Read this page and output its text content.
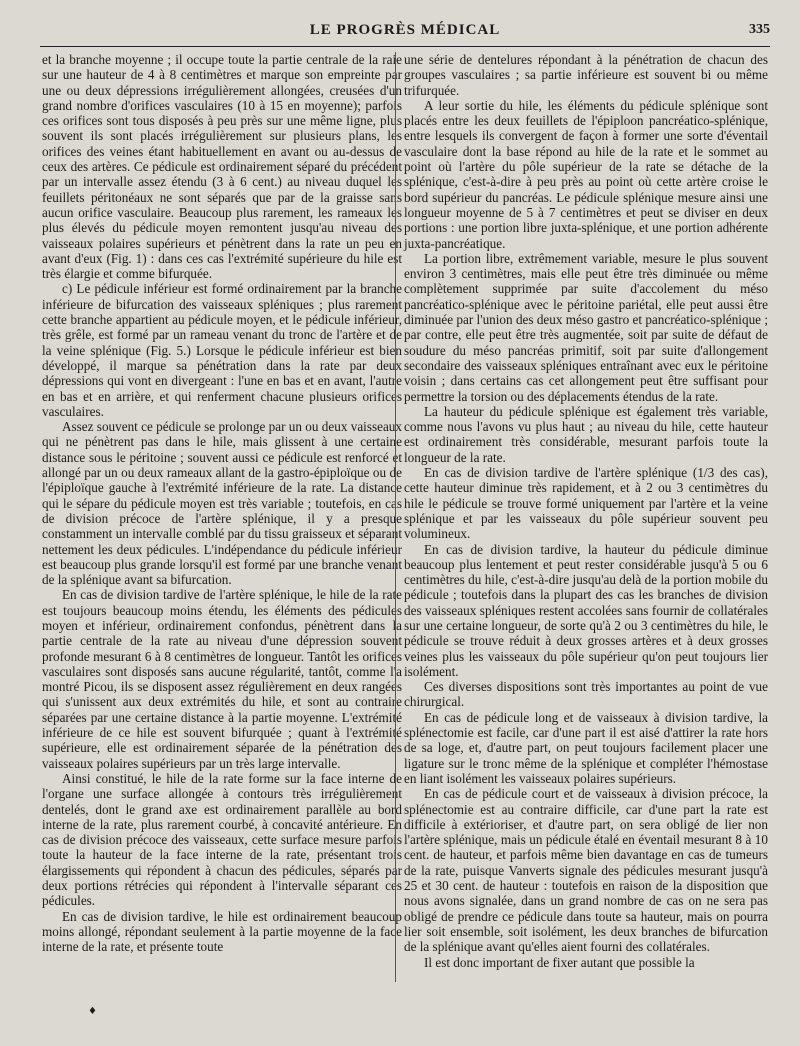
LE PROGRÈS MÉDICAL	335

et la branche moyenne ; il occupe toute la partie centrale de la raie sur une hauteur de 4 à 8 centimètres et marque son empreinte par une ou deux dépressions irrégulièrement allongées, creusées d'un grand nombre d'orifices vasculaires (10 à 15 en moyenne); parfois ces orifices sont tous disposés à peu près sur une même ligne, plus souvent ils sont placés irrégulièrement sur plusieurs plans, les orifices des veines étant habituellement en avant ou au-dessus de ceux des artères. Ce pédicule est ordinairement séparé du précédent par un intervalle assez étendu (3 à 6 cent.) au niveau duquel les feuillets péritonéaux ne sont séparés que par de la graisse sans aucun orifice vasculaire. Beaucoup plus rarement, les rameaux les plus élevés du pédicule moyen remontent jusqu'au niveau des vaisseaux polaires supérieurs et pénètrent dans la rate un peu en avant d'eux (Fig. 1) : dans ces cas l'extrémité supérieure du hile est très élargie et comme bifurquée.

c) Le pédicule inférieur est formé ordinairement par la branche inférieure de bifurcation des vaisseaux spléniques ; plus rarement cette branche appartient au pédicule moyen, et le pédicule inférieur, très grêle, est formé par un rameau venant du tronc de l'artère et de la veine splénique (Fig. 5.) Lorsque le pédicule inférieur est bien développé, il marque sa pénétration dans la rate par deux dépressions qui vont en divergeant : l'une en bas et en avant, l'autre en bas et en arrière, et qui renferment chacune plusieurs orifices vasculaires.

Assez souvent ce pédicule se prolonge par un ou deux vaisseaux qui ne pénètrent pas dans le hile, mais glissent à une certaine distance sous le péritoine ; souvent aussi ce pédicule est renforcé et allongé par un ou deux rameaux allant de la gastro-épiploïque ou de l'épiploïque gauche à l'extrémité inférieure de la rate. La distance qui le sépare du pédicule moyen est très variable ; toutefois, en cas de division précoce de l'artère splénique, il y a presque constamment un intervalle comblé par du tissu graisseux et séparant nettement les deux pédicules. L'indépendance du pédicule inférieur est beaucoup plus grande lorsqu'il est formé par une branche venant de la splénique avant sa bifurcation.

En cas de division tardive de l'artère splénique, le hile de la rate est toujours beaucoup moins étendu, les éléments des pédicules moyen et inférieur, ordinairement confondus, pénètrent dans la partie centrale de la rate au niveau d'une dépression souvent profonde mesurant 6 à 8 centimètres de longueur. Tantôt les orifices vasculaires sont disposés sans aucune régularité, tantôt, comme l'a montré Picou, ils se disposent assez régulièrement en deux rangées qui s'unissent aux deux extrémités du hile, et sont au contraire séparées par une certaine distance à la partie moyenne. L'extrémité inférieure de ce hile est souvent bifurquée ; quant à l'extrémité supérieure, elle est ordinairement séparée de la pénétration des vaisseaux polaires supérieurs par un très large intervalle.

Ainsi constitué, le hile de la rate forme sur la face interne de l'organe une surface allongée à contours très irrégulièrement dentelés, dont le grand axe est ordinairement parallèle au bord interne de la rate, plus rarement courbé, à concavité antérieure. En cas de division précoce des vaisseaux, cette surface mesure parfois toute la hauteur de la face interne de la rate, présentant trois élargissements qui répondent à chacun des pédicules, séparés par deux portions rétrécies qui répondent à l'intervalle séparant ces pédicules.

En cas de division tardive, le hile est ordinairement beaucoup moins allongé, répondant seulement à la partie moyenne de la face interne de la rate, et présente toute

une série de dentelures répondant à la pénétration de chacun des groupes vasculaires ; sa partie inférieure est souvent bi ou même trifurquée.

A leur sortie du hile, les éléments du pédicule splénique sont placés entre les deux feuillets de l'épiploon pancréatico-splénique, entre lesquels ils convergent de façon à former une sorte d'éventail vasculaire dont la base répond au hile de la rate et le sommet au point où l'artère du pôle supérieur de la rate se détache de la splénique, c'est-à-dire à peu près au point où cette artère croise le bord supérieur du pancréas. Le pédicule splénique mesure ainsi une longueur moyenne de 5 à 7 centimètres et peut se diviser en deux portions : une portion libre juxta-splénique, et une portion adhérente juxta-pancréatique.

La portion libre, extrêmement variable, mesure le plus souvent environ 3 centimètres, mais elle peut être très diminuée ou même complètement supprimée par suite d'accolement du méso pancréatico-splénique avec le péritoine pariétal, elle peut aussi être diminuée par l'union des deux méso gastro et pancréatico-splénique ; par contre, elle peut être très augmentée, soit par suite de défaut de soudure du méso pancréas primitif, soit par suite d'allongement secondaire des vaisseaux spléniques entraînant avec eux le péritoine voisin ; dans certains cas cet allongement peut être suffisant pour permettre la torsion ou des déplacements étendus de la rate.

La hauteur du pédicule splénique est également très variable, comme nous l'avons vu plus haut ; au niveau du hile, cette hauteur est ordinairement très considérable, mesurant parfois toute la longueur de la rate.

En cas de division tardive de l'artère splénique (1/3 des cas), cette hauteur diminue très rapidement, et à 2 ou 3 centimètres du hile le pédicule se trouve formé uniquement par l'artère et la veine splénique et par les vaisseaux du pôle supérieur souvent peu volumineux.

En cas de division tardive, la hauteur du pédicule diminue beaucoup plus lentement et peut rester considérable jusqu'à 5 ou 6 centimètres du hile, c'est-à-dire jusqu'au delà de la portion mobile du pédicule ; toutefois dans la plupart des cas les branches de division des vaisseaux spléniques restent accolées sans fournir de collatérales sur une certaine longueur, de sorte qu'à 2 ou 3 centimètres du hile, le pédicule se trouve réduit à deux grosses artères et à deux grosses veines plus les vaisseaux du pôle supérieur qu'on peut toujours lier isolément.

Ces diverses dispositions sont très importantes au point de vue chirurgical.

En cas de pédicule long et de vaisseaux à division tardive, la splénectomie est facile, car d'une part il est aisé d'attirer la rate hors de sa loge, et, d'autre part, on peut toujours facilement placer une ligature sur le tronc même de la splénique et compléter l'hémostase en liant isolément les vaisseaux polaires supérieurs.

En cas de pédicule court et de vaisseaux à division précoce, la splénectomie est au contraire difficile, car d'une part la rate est difficile à extérioriser, et d'autre part, on sera obligé de lier non l'artère splénique, mais un pédicule étalé en éventail mesurant 8 à 10 cent. de hauteur, et parfois même bien davantage en cas de tumeurs de la rate, puisque Vanverts signale des pédicules mesurant jusqu'à 25 et 30 cent. de hauteur : toutefois en raison de la disposition que nous avons signalée, dans un grand nombre de cas on ne sera pas obligé de prendre ce pédicule dans toute sa hauteur, mais on pourra lier soit ensemble, soit isolément, les deux branches de bifurcation de la splénique avant qu'elles aient fourni des collatérales.

Il est donc important de fixer autant que possible la

♦
